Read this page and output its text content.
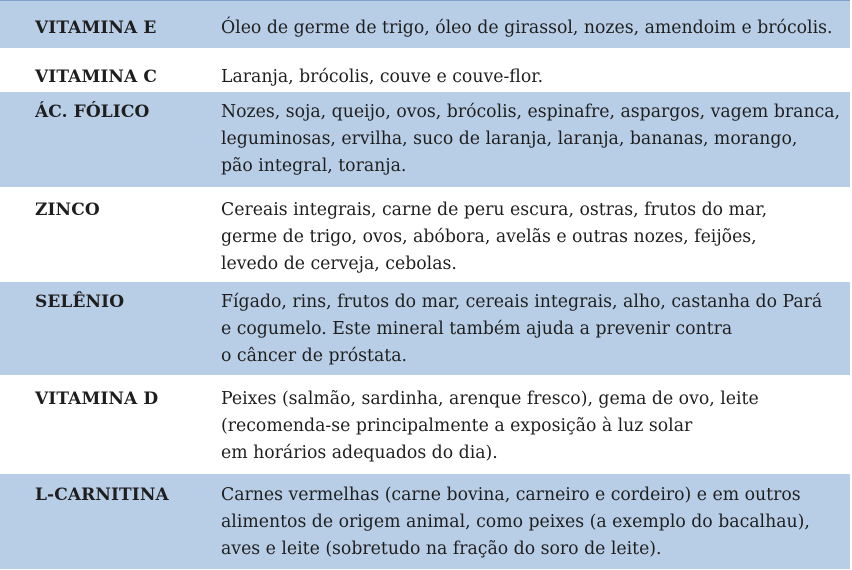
VITAMINA E	Óleo de germe de trigo, óleo de girassol, nozes, amendoim e brócolis.

VITAMINA C	Laranja, brócolis, couve e couve-flor.

ÁC. FÓLICO	Nozes, soja, queijo, ovos, brócolis, espinafre, aspargos, vagem branca,
leguminosas, ervilha, suco de laranja, laranja, bananas, morango,
pão integral, toranja.

ZINCO	Cereais integrais, carne de peru escura, ostras, frutos do mar,
germe de trigo, ovos, abóbora, avelãs e outras nozes, feijões,
levedo de cerveja, cebolas.

SELÊNIO	Fígado, rins, frutos do mar, cereais integrais, alho, castanha do Pará
e cogumelo. Este mineral também ajuda a prevenir contra
o câncer de próstata.

VITAMINA D	Peixes (salmão, sardinha, arenque fresco), gema de ovo, leite
(recomenda-se principalmente a exposição à luz solar
em horários adequados do dia).

L-CARNITINA	Carnes vermelhas (carne bovina, carneiro e cordeiro) e em outros
alimentos de origem animal, como peixes (a exemplo do bacalhau),
aves e leite (sobretudo na fração do soro de leite).
